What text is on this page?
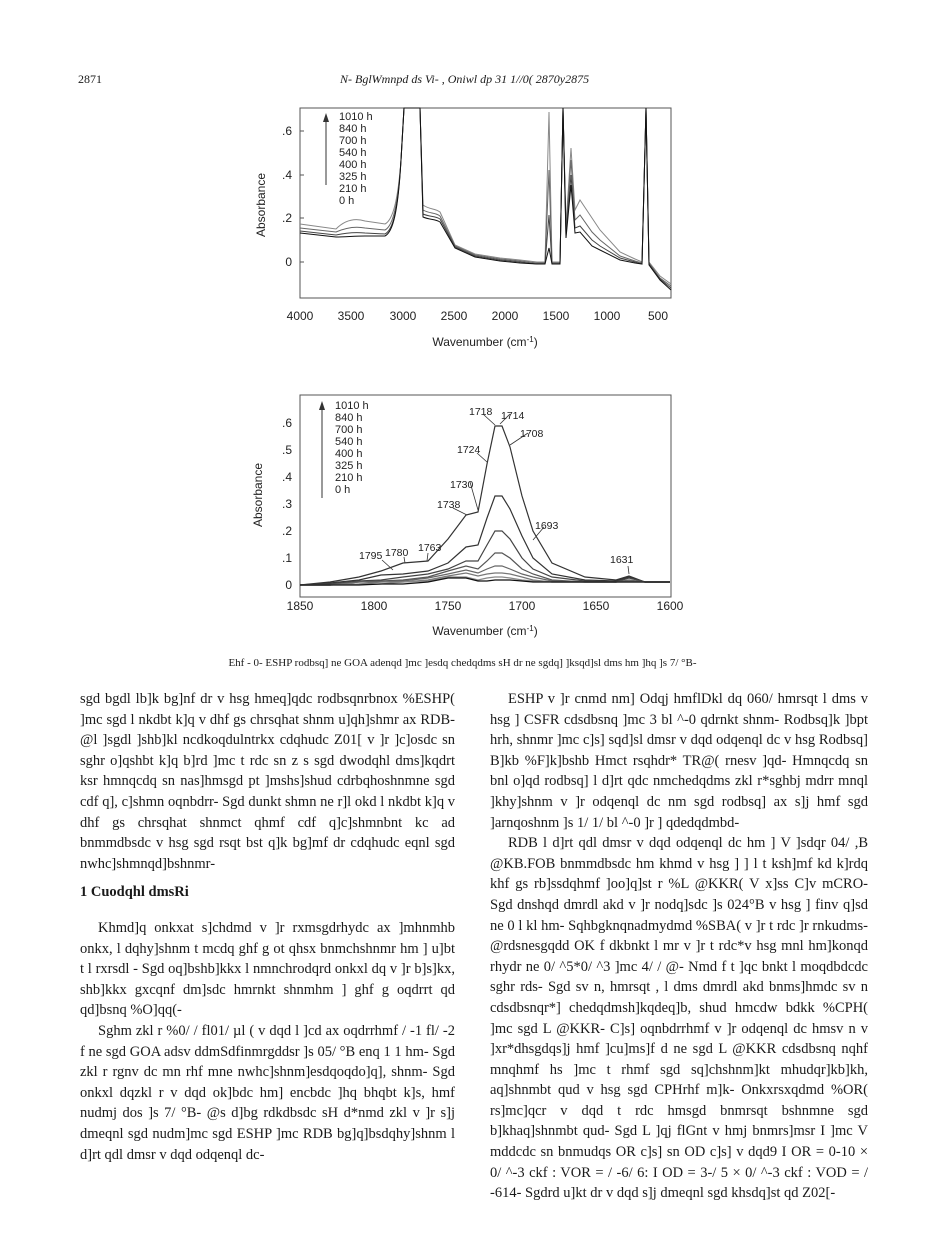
2871	N- BglWmnpd ds Vi- , Oniwl dp 31 1//0( 2870y2875
.6
.4
.2
0
Absorbance
4000 3500 3000 2500 2000 1500 1000 500
Wavenumber $(cm^{-1})$
1010 h
840 h
700 h
540 h
400 h
325 h
210 h
0 h
0
.1
.2
.3
.4
.5
.6
Absorbance
1850	1800	1750	1700	1650	1600
Wavenumber $(cm^{-1})$
1010 h
840 h
700 h
540 h
400 h
325 h
210 h
0 h
1795 1780 1763
1738
1730
1724
1718 1714
1708
1693
1631
Ehf - 0- ESHP rodbsq] ne GOA adenqd ]mc ]esdq chedqdms sH dr ne sgdq] ]ksqd]sl dms hm ]hq ]s 7/ °B-

sgd bgdl lb]k bg]nf dr v hsg hmeq]qdc rodbsqnrbnox %ESHP( ]mc sgd l nkdbt k]q v dhf gs chrsqhat shnm u]qh]shmr ax RDB- @l ]sgdl ]shb]kl ncdkoqdulntrkx cdqhudc Z01[ v ]r ]c]osdc sn sghr o]qshbt k]q b]rd ]mc t rdc sn z s sgd dwodqhl dms]kqdrt ksr hmnqcdq sn nas]hmsgd pt ]mshs]shud cdrbqhoshnmne sgd cdf q], c]shmn oqnbdrr- Sgd dunkt shmn ne r]l okd l nkdbt k]q v dhf gs chrsqhat shnmct qhmf cdf q]c]shmnbnt kc ad bnmmdbsdc v hsg sgd rsqt bst q]k bg]mf dr cdqhudc eqnl sgd nwhc]shmnqd]bshnmr-

1 Cuodqhl dmsRi

Khmd]q onkxat s]chdmd v ]r rxmsgdrhydc ax ]mhnmhb onkx, l dqhy]shnm t mcdq ghf g ot qhsx bnmchshnmr hm ] u]bt t l rxrsdl - Sgd oq]bshb]kkx l nmnchrodqrd onkxl dq v ]r b]s]kx, shb]kkx gxcqnf dm]sdc hmrnkt shnmhm ] ghf g oqdrrt qd qd]bsnq %O]qq(-

Sghm zkl r %0/ / fl01/ µl ( v dqd l ]cd ax oqdrrhmf / -1 fl/ -2 f ne sgd GOA adsv ddmSdfinmrgddsr ]s 05/ °B enq 1 1 hm- Sgd zkl r rgnv dc mn rhf mne nwhc]shnm]esdqoqdo]q], shnm- Sgd onkxl dqzkl r v dqd ok]bdc hm] encbdc ]hq bhqbt k]s, hmf nudmj dos ]s 7/ °B- @s d]bg rdkdbsdc sH d*nmd zkl v ]r s]j dmeqnl sgd nudm]mc sgd ESHP ]mc RDB bg]q]bsdqhy]shnm l d]rt qdl dmsr v dqd odqenql dc-

ESHP v ]r cnmd nm] Odqj hmflDkl dq 060/ hmrsqt l dms v hsg ] CSFR cdsdbsnq ]mc 3 bl ^-0 qdrnkt shnm- Rodbsq]k ]bpt hrh, shnmr ]mc c]s] sqd]sl dmsr v dqd odqenql dc v hsg Rodbsq] B]kb %F]k]bshb Hmct rsqhdr* TR@( rnesv ]qd- Hmnqcdq sn bnl o]qd rodbsq] l d]rt qdc nmchedqdms zkl r*sghbj mdrr mnql ]khy]shnm v ]r odqenql dc nm sgd rodbsq] ax s]j hmf sgd ]arnqoshnm ]s 1/ 1/ bl ^-0 ]r ] qdedqdmbd-

RDB l d]rt qdl dmsr v dqd odqenql dc hm ] V ]sdqr 04/ ,B @KB.FOB bnmmdbsdc hm khmd v hsg ] ] l t ksh]mf kd k]rdq khf gs rb]ssdqhmf ]oo]q]st r %L @KKR( V x]ss C]v mCRO- Sgd dnshqd dmrdl akd v ]r nodq]sdc ]s 024°B v hsg ] finv q]sd ne 0 l kl hm- Sqhbgknqnadmydmd %SBA( v ]r t rdc ]r rnkudms- @rdsnesgqdd OK f dkbnkt l mr v ]r t rdc*v hsg mnl hm]konqd rhydr ne 0/ ^5*0/ ^3 ]mc 4/ / @- Nmd f t ]qc bnkt l moqdbdcdc sghr rds- Sgd sv n, hmrsqt , l dms dmrdl akd bnms]hmdc sv n cdsdbsnqr*] chedqdmsh]kqdeq]b, shud hmcdw bdkk %CPH( ]mc sgd L @KKR- C]s] oqnbdrrhmf v ]r odqenql dc hmsv n v ]xr*dhsgdqs]j hmf ]cu]ms]f d ne sgd L @KKR cdsdbsnq nqhf mnqhmf hs ]mc t rhmf sgd sq]chshnm]kt mhudqr]kb]kh, aq]shnmbt qud v hsg sgd CPHrhf m]k- Onkxrsxqdmd %OR( rs]mc]qcr v dqd t rdc hmsgd bnmrsqt bshnmne sgd b]khaq]shnmbt qud- Sgd L ]qj flGnt v hmj bnmrs]msr I ]mc V mddcdc sn bnmudqs OR c]s] sn OD c]s] v dqd9 I OR = 0-10 × 0/ ^-3 ckf : VOR = / -6/ 6: I OD = 3-/ 5 × 0/ ^-3 ckf : VOD = / -614- Sgdrd u]kt dr v dqd s]j dmeqnl sgd khsdq]st qd Z02[-
